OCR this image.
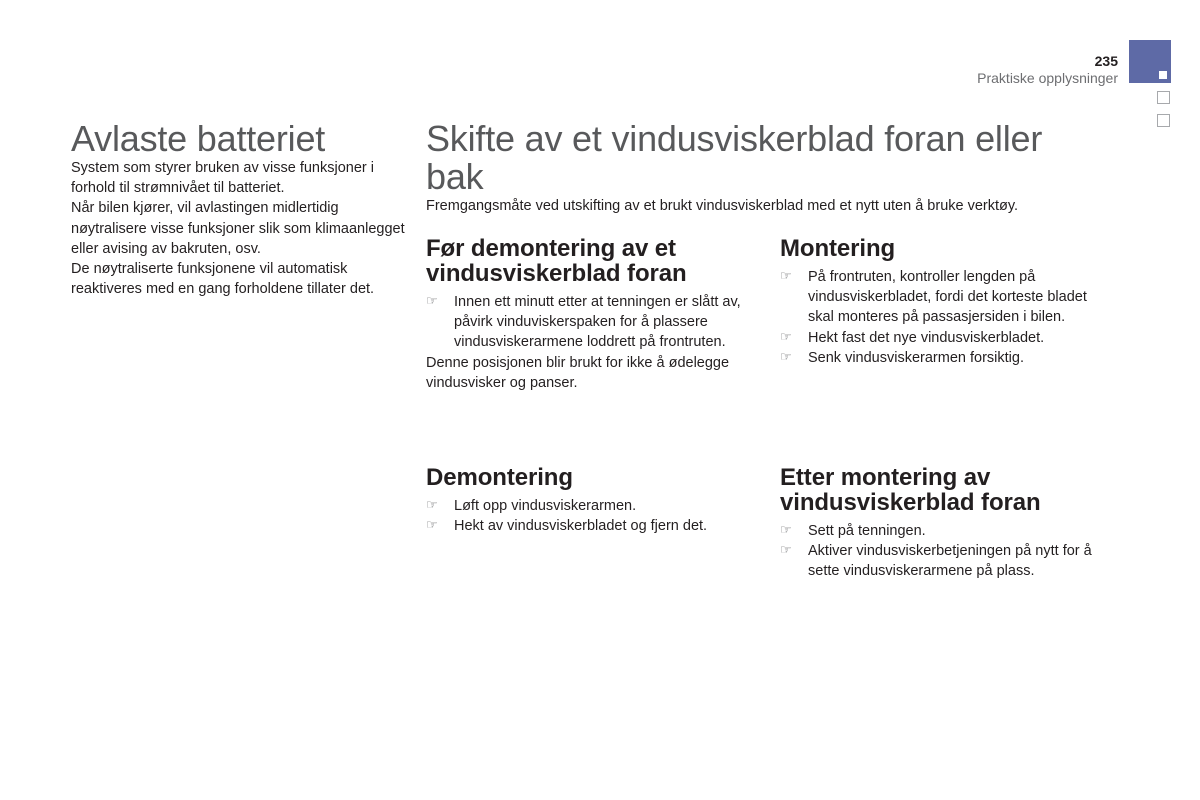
235
Praktiske opplysninger
Avlaste batteriet

System som styrer bruken av visse funksjoner i forhold til strømnivået til batteriet.

Når bilen kjører, vil avlastingen midlertidig nøytralisere visse funksjoner slik som klimaanlegget eller avising av bakruten, osv.

De nøytraliserte funksjonene vil automatisk reaktiveres med en gang forholdene tillater det.

Skifte av et vindusviskerblad foran eller bak

Fremgangsmåte ved utskifting av et brukt vindusviskerblad med et nytt uten å bruke verktøy.

Før demontering av et vindusviskerblad foran
☞ Innen ett minutt etter at tenningen er slått av, påvirk vinduviskerspaken for å plassere vindusviskerarmene loddrett på frontruten.

Denne posisjonen blir brukt for ikke å ødelegge vindusvisker og panser.

Montering
☞ På frontruten, kontroller lengden på vindusviskerbladet, fordi det korteste bladet skal monteres på passasjersiden i bilen.
☞ Hekt fast det nye vindusviskerbladet.
☞ Senk vindusviskerarmen forsiktig.
Demontering
☞ Løft opp vindusviskerarmen.
☞ Hekt av vindusviskerbladet og fjern det.
Etter montering av vindusviskerblad foran
☞ Sett på tenningen.
☞ Aktiver vindusviskerbetjeningen på nytt for å sette vindusviskerarmene på plass.
